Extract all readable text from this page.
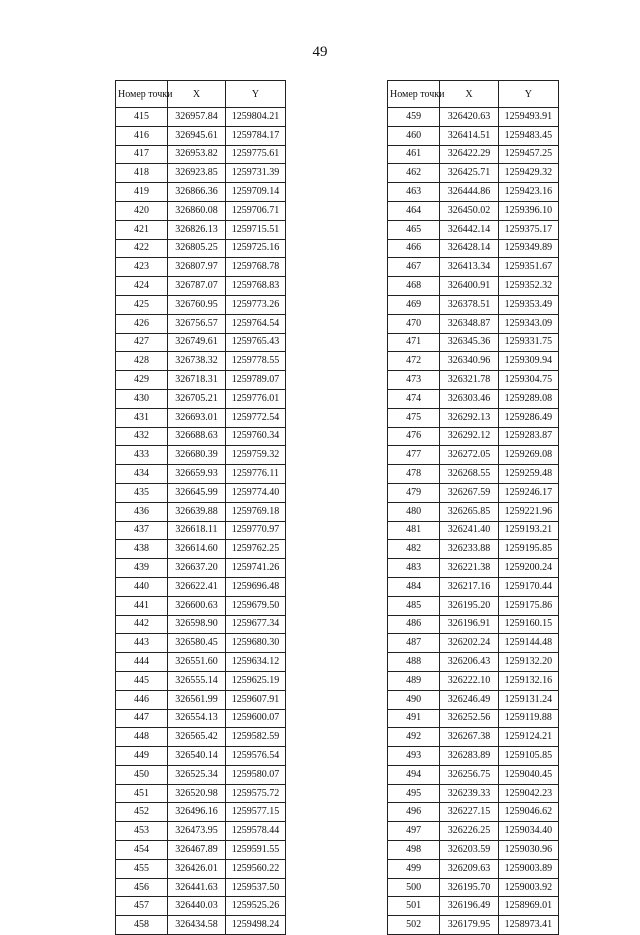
49
Номер точки	X	Y
415	326957.84	1259804.21
416	326945.61	1259784.17
417	326953.82	1259775.61
418	326923.85	1259731.39
419	326866.36	1259709.14
420	326860.08	1259706.71
421	326826.13	1259715.51
422	326805.25	1259725.16
423	326807.97	1259768.78
424	326787.07	1259768.83
425	326760.95	1259773.26
426	326756.57	1259764.54
427	326749.61	1259765.43
428	326738.32	1259778.55
429	326718.31	1259789.07
430	326705.21	1259776.01
431	326693.01	1259772.54
432	326688.63	1259760.34
433	326680.39	1259759.32
434	326659.93	1259776.11
435	326645.99	1259774.40
436	326639.88	1259769.18
437	326618.11	1259770.97
438	326614.60	1259762.25
439	326637.20	1259741.26
440	326622.41	1259696.48
441	326600.63	1259679.50
442	326598.90	1259677.34
443	326580.45	1259680.30
444	326551.60	1259634.12
445	326555.14	1259625.19
446	326561.99	1259607.91
447	326554.13	1259600.07
448	326565.42	1259582.59
449	326540.14	1259576.54
450	326525.34	1259580.07
451	326520.98	1259575.72
452	326496.16	1259577.15
453	326473.95	1259578.44
454	326467.89	1259591.55
455	326426.01	1259560.22
456	326441.63	1259537.50
457	326440.03	1259525.26
458	326434.58	1259498.24
Номер точки	X	Y
459	326420.63	1259493.91
460	326414.51	1259483.45
461	326422.29	1259457.25
462	326425.71	1259429.32
463	326444.86	1259423.16
464	326450.02	1259396.10
465	326442.14	1259375.17
466	326428.14	1259349.89
467	326413.34	1259351.67
468	326400.91	1259352.32
469	326378.51	1259353.49
470	326348.87	1259343.09
471	326345.36	1259331.75
472	326340.96	1259309.94
473	326321.78	1259304.75
474	326303.46	1259289.08
475	326292.13	1259286.49
476	326292.12	1259283.87
477	326272.05	1259269.08
478	326268.55	1259259.48
479	326267.59	1259246.17
480	326265.85	1259221.96
481	326241.40	1259193.21
482	326233.88	1259195.85
483	326221.38	1259200.24
484	326217.16	1259170.44
485	326195.20	1259175.86
486	326196.91	1259160.15
487	326202.24	1259144.48
488	326206.43	1259132.20
489	326222.10	1259132.16
490	326246.49	1259131.24
491	326252.56	1259119.88
492	326267.38	1259124.21
493	326283.89	1259105.85
494	326256.75	1259040.45
495	326239.33	1259042.23
496	326227.15	1259046.62
497	326226.25	1259034.40
498	326203.59	1259030.96
499	326209.63	1259003.89
500	326195.70	1259003.92
501	326196.49	1258969.01
502	326179.95	1258973.41
